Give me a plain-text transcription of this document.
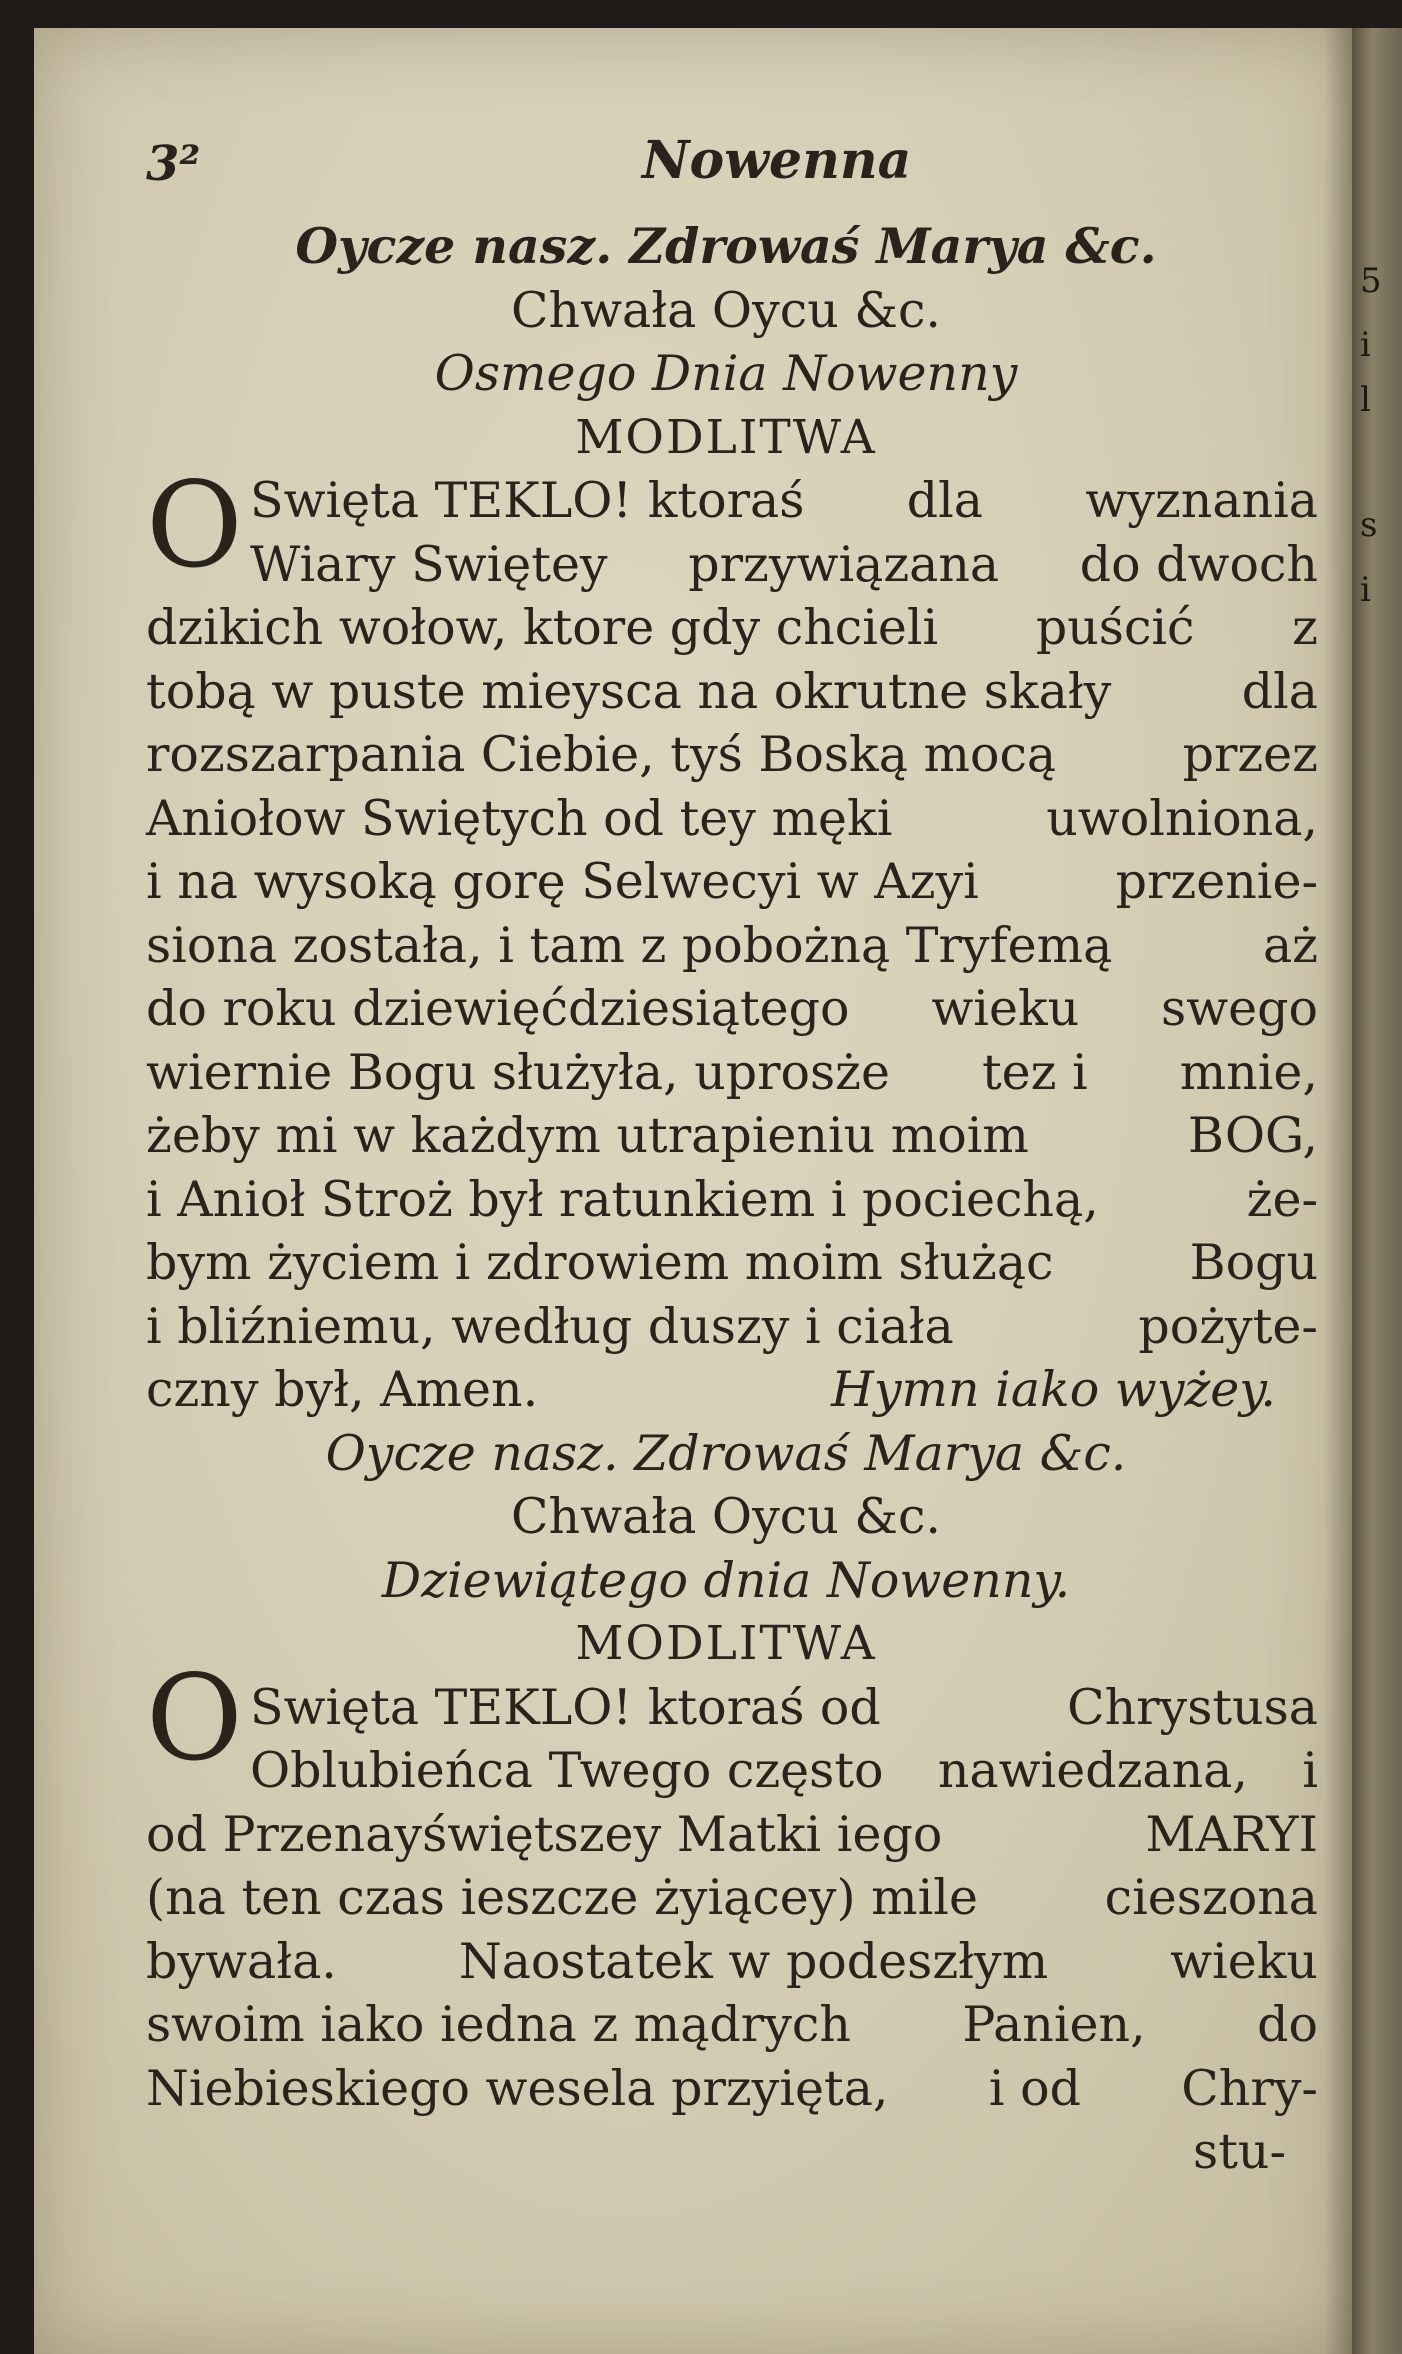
5
i
l
s
i
3²	Nowenna
O
O
Oycze nasz. Zdrowaś Marya &c.
Chwała Oycu &c.
Osmego Dnia Nowenny
MODLITWA
Swięta TEKLO! ktoraś dla wyznania
Wiary Swiętey przywiązana do dwoch
dzikich wołow, ktore gdy chcieli puścić z
tobą w puste mieysca na okrutne skały	dla
rozszarpania Ciebie, tyś Boską mocą	przez
Aniołow Swiętych od tey męki	uwolniona,
i na wysoką gorę Selwecyi w Azyi	przenie-
siona została, i tam z pobożną Tryfemą	aż
do roku dziewięćdziesiątego wieku swego
wiernie Bogu służyła, uprosże tez i mnie,
żeby mi w każdym utrapieniu moim	BOG,
i Anioł Stroż był ratunkiem i pociechą,	że-
bym życiem i zdrowiem moim służąc	Bogu
i bliźniemu, według duszy i ciała	pożyte-
czny był, Amen.	Hymn iako wyżey.
Oycze nasz. Zdrowaś Marya &c.
Chwała Oycu &c.
Dziewiątego dnia Nowenny.
MODLITWA
Swięta TEKLO! ktoraś od	Chrystusa
Oblubieńca Twego często nawiedzana, i
od Przenayświętszey Matki iego	MARYI
(na ten czas ieszcze żyiącey) mile	cieszona
bywała. Naostatek w podeszłym wieku
swoim iako iedna z mądrych Panien, do
Niebieskiego wesela przyięta, i od Chry-
stu-
